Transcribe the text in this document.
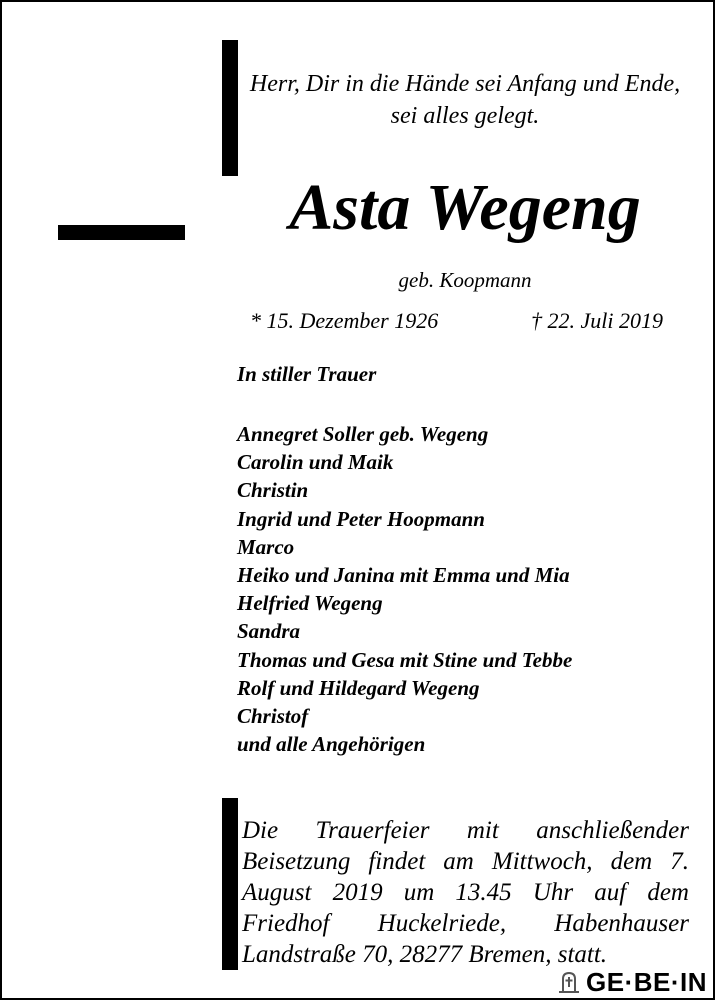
Herr, Dir in die Hände sei Anfang und Ende, sei alles gelegt.
Asta Wegeng
geb. Koopmann
* 15. Dezember 1926	† 22. Juli 2019
In stiller Trauer
Annegret Soller geb. Wegeng
Carolin und Maik
Christin
Ingrid und Peter Hoopmann
Marco
Heiko und Janina mit Emma und Mia
Helfried Wegeng
Sandra
Thomas und Gesa mit Stine und Tebbe
Rolf und Hildegard Wegeng
Christof
und alle Angehörigen
Die Trauerfeier mit anschließender Beisetzung findet am Mittwoch, dem 7. August 2019 um 13.45 Uhr auf dem Friedhof Huckelriede, Habenhauser Landstraße 70, 28277 Bremen, statt.
GE·BE·IN
